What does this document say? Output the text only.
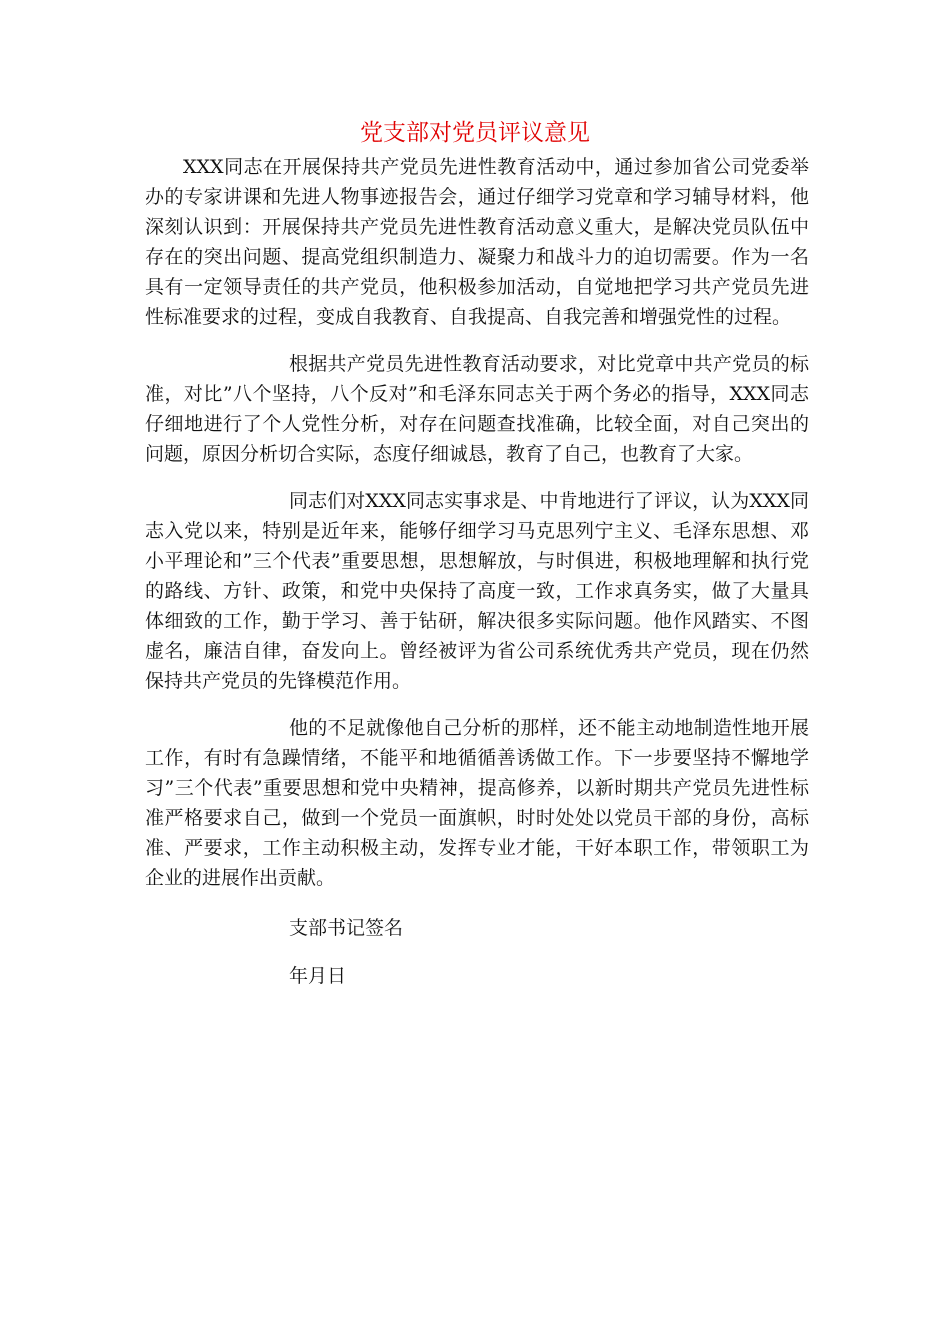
党支部对党员评议意见

XXX同志在开展保持共产党员先进性教育活动中，通过参加省公司党委举办的专家讲课和先进人物事迹报告会，通过仔细学习党章和学习辅导材料，他深刻认识到：开展保持共产党员先进性教育活动意义重大，是解决党员队伍中存在的突出问题、提高党组织制造力、凝聚力和战斗力的迫切需要。作为一名具有一定领导责任的共产党员，他积极参加活动，自觉地把学习共产党员先进性标准要求的过程，变成自我教育、自我提高、自我完善和增强党性的过程。

根据共产党员先进性教育活动要求，对比党章中共产党员的标准，对比”八个坚持，八个反对”和毛泽东同志关于两个务必的指导，XXX同志仔细地进行了个人党性分析，对存在问题查找准确，比较全面，对自己突出的问题，原因分析切合实际，态度仔细诚恳，教育了自己，也教育了大家。

同志们对XXX同志实事求是、中肯地进行了评议，认为XXX同志入党以来，特别是近年来，能够仔细学习马克思列宁主义、毛泽东思想、邓小平理论和”三个代表”重要思想，思想解放，与时俱进，积极地理解和执行党的路线、方针、政策，和党中央保持了高度一致，工作求真务实，做了大量具体细致的工作，勤于学习、善于钻研，解决很多实际问题。他作风踏实、不图虚名，廉洁自律，奋发向上。曾经被评为省公司系统优秀共产党员，现在仍然保持共产党员的先锋模范作用。

他的不足就像他自己分析的那样，还不能主动地制造性地开展工作，有时有急躁情绪，不能平和地循循善诱做工作。下一步要坚持不懈地学习”三个代表”重要思想和党中央精神，提高修养，以新时期共产党员先进性标准严格要求自己，做到一个党员一面旗帜，时时处处以党员干部的身份，高标准、严要求，工作主动积极主动，发挥专业才能，干好本职工作，带领职工为企业的进展作出贡献。

支部书记签名

年月日
